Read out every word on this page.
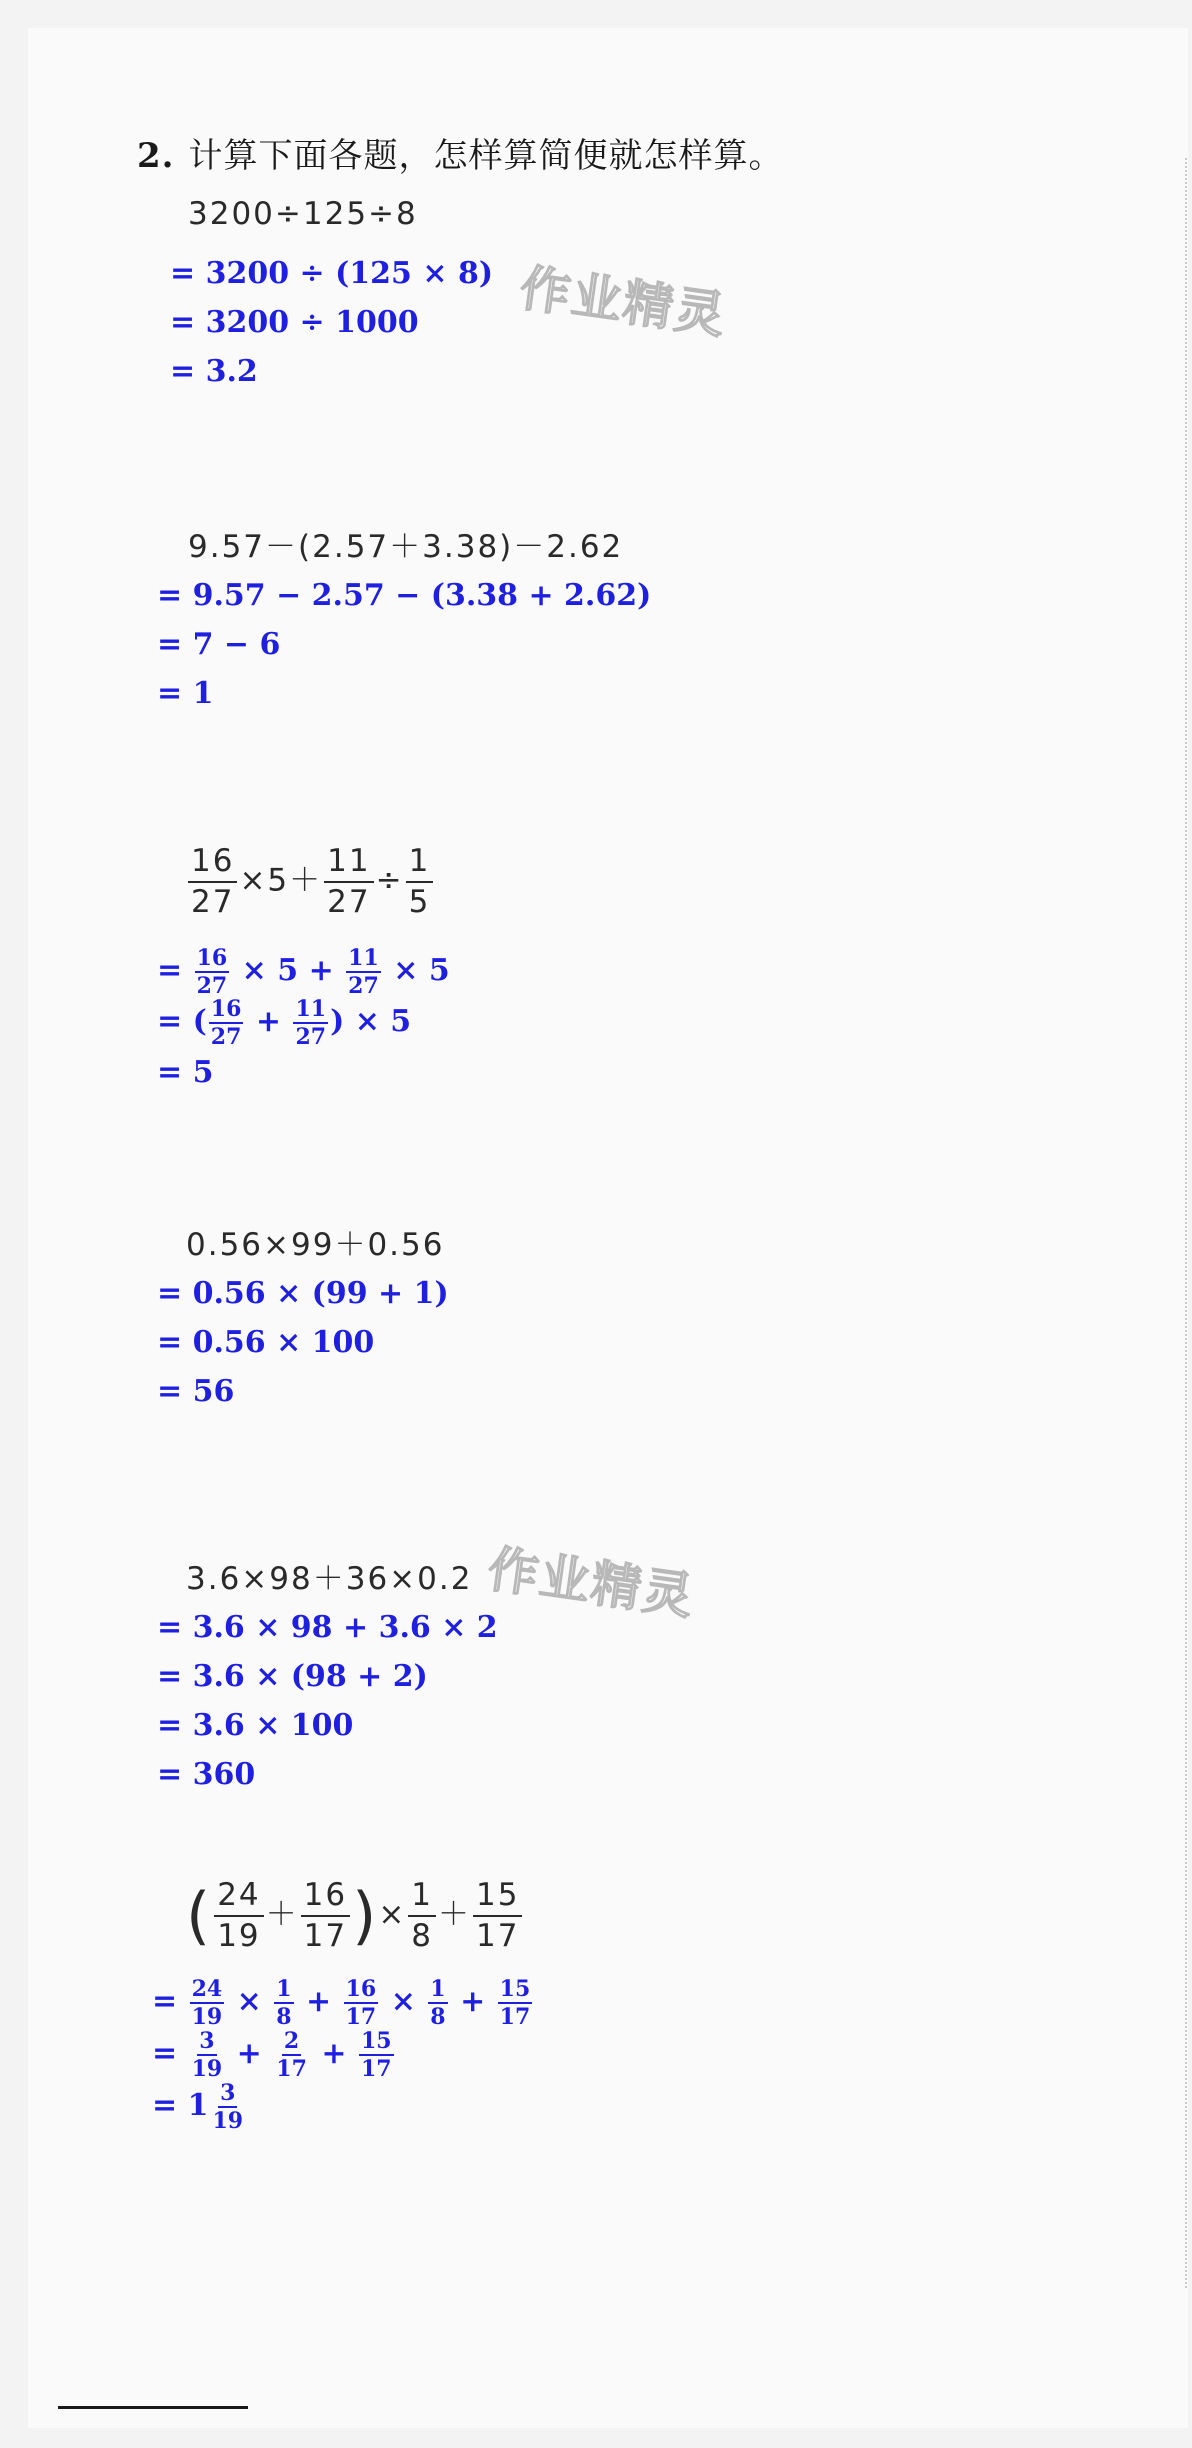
2. 计算下面各题，怎样算简便就怎样算。
作业精灵
作业精灵
3200÷125÷8
= 3200 ÷ (125 × 8)
= 3200 ÷ 1000
= 3.2
9.57－(2.57＋3.38)－2.62
= 9.57 − 2.57 − (3.38 + 2.62)
= 7 − 6
= 1
$\frac{16}{27} \times 5+ \frac{11}{27} \div \frac{1}{5}$
= $\frac{16}{27} \times 5 + \frac{11}{27} \times 5$
= ( $\frac{16}{27} + \frac{11}{27}$ ) × 5
= 5
0.56×99＋0.56
= 0.56 × (99 + 1)
= 0.56 × 100
= 56
3.6×98＋36×0.2
= 3.6 × 98 + 3.6 × 2
= 3.6 × (98 + 2)
= 3.6 × 100
= 360
( $\frac{24}{19} + \frac{16}{17}$ )× $\frac{1}{8} + \frac{15}{17}$
= $\frac{24}{19} \times \frac{1}{8} + \frac{16}{17} \times \frac{1}{8} + \frac{15}{17}$
= $\frac{3}{19} + \frac{2}{17} + \frac{15}{17}$
= $1 \frac{3}{19}$
